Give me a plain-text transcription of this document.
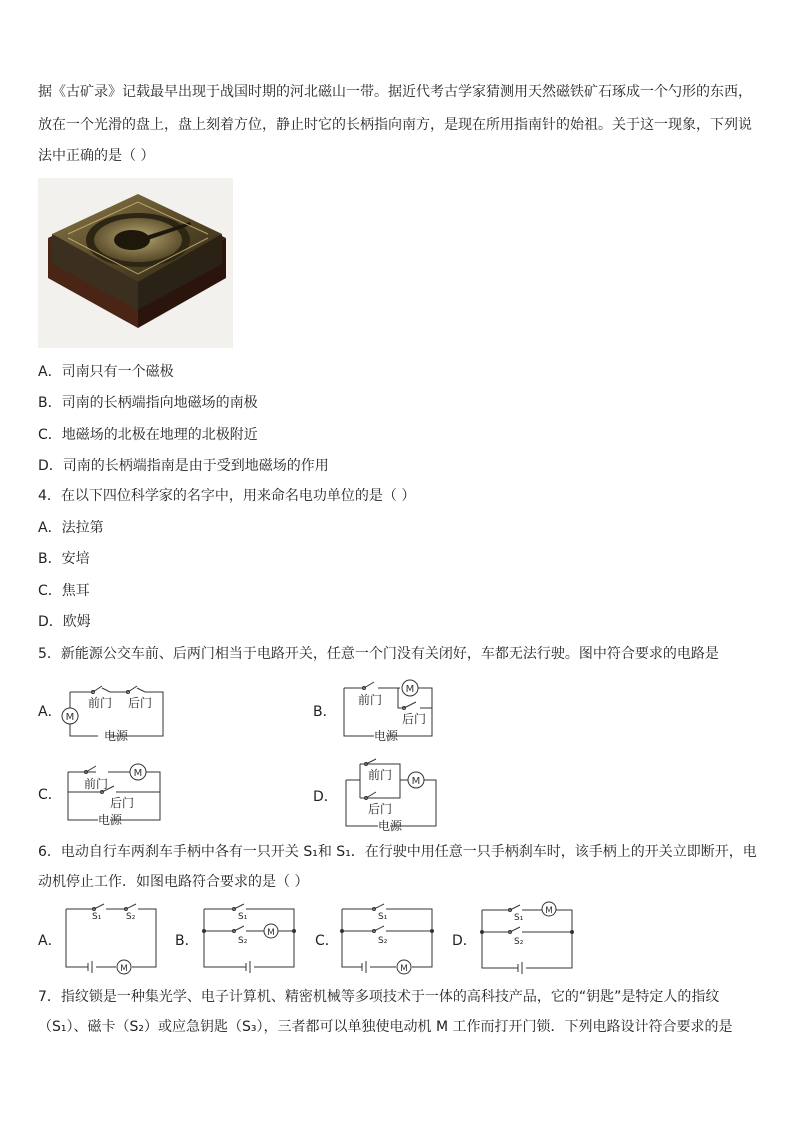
据《古矿录》记载最早出现于战国时期的河北磁山一带。据近代考古学家猜测用天然磁铁矿石琢成一个勺形的东西，
放在一个光滑的盘上，盘上刻着方位，静止时它的长柄指向南方，是现在所用指南针的始祖。关于这一现象，下列说
法中正确的是（ ）
A．司南只有一个磁极
B．司南的长柄端指向地磁场的南极
C．地磁场的北极在地理的北极附近
D．司南的长柄端指南是由于受到地磁场的作用
4．在以下四位科学家的名字中，用来命名电功单位的是（ ）
A．法拉第
B．安培
C．焦耳
D．欧姆
5．新能源公交车前、后两门相当于电路开关，任意一个门没有关闭好，车都无法行驶。图中符合要求的电路是
A． M
前门 后门
电源
B．
M
前门
后门
电源
C．
M
前门
后门
电源
D．
M
前门
后门
电源
6．电动自行车两刹车手柄中各有一只开关 S₁和 S₁．在行驶中用任意一只手柄刹车时，该手柄上的开关立即断开，电
动机停止工作．如图电路符合要求的是（ ）
A．
M
S₁	S₂
B．	M
S₁
S₂	C．
M
S₁
S₂	D．
M
S₁
S₂
7．指纹锁是一种集光学、电子计算机、精密机械等多项技术于一体的高科技产品，它的“钥匙”是特定人的指纹
（S₁）、磁卡（S₂）或应急钥匙（S₃），三者都可以单独使电动机 M 工作而打开门锁．下列电路设计符合要求的是
